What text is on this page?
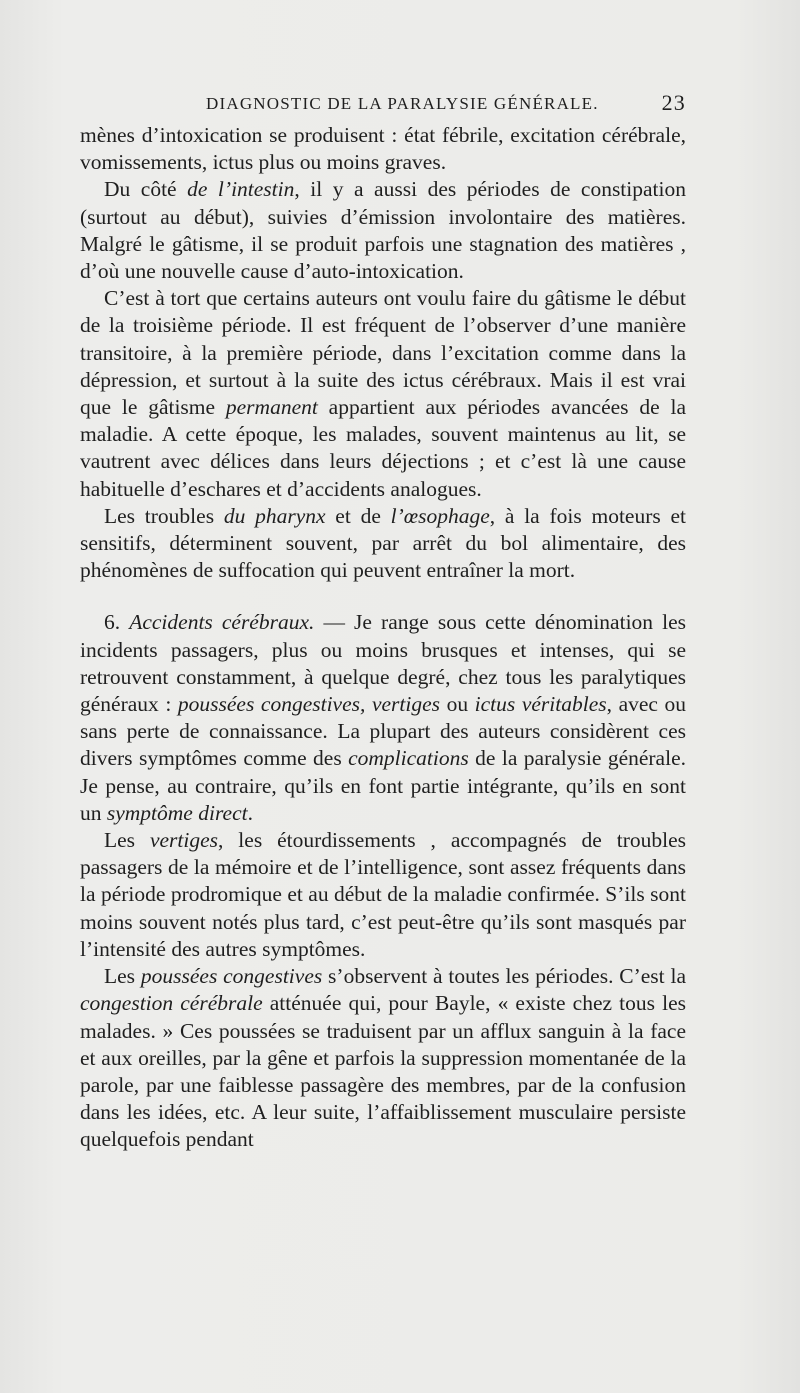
DIAGNOSTIC DE LA PARALYSIE GÉNÉRALE.	23

mènes d’intoxication se produisent : état fébrile, excitation cérébrale, vomissements, ictus plus ou moins graves.

Du côté de l’intestin, il y a aussi des périodes de constipation (surtout au début), suivies d’émission involontaire des matières. Malgré le gâtisme, il se produit parfois une stagnation des matières , d’où une nouvelle cause d’auto-intoxication.

C’est à tort que certains auteurs ont voulu faire du gâtisme le début de la troisième période. Il est fréquent de l’observer d’une manière transitoire, à la première période, dans l’excitation comme dans la dépression, et surtout à la suite des ictus cérébraux. Mais il est vrai que le gâtisme permanent appartient aux périodes avancées de la maladie. A cette époque, les malades, souvent maintenus au lit, se vautrent avec délices dans leurs déjections ; et c’est là une cause habituelle d’eschares et d’accidents analogues.

Les troubles du pharynx et de l’œsophage, à la fois moteurs et sensitifs, déterminent souvent, par arrêt du bol alimentaire, des phénomènes de suffocation qui peuvent entraîner la mort.

6. Accidents cérébraux. — Je range sous cette dénomination les incidents passagers, plus ou moins brusques et intenses, qui se retrouvent constamment, à quelque degré, chez tous les paralytiques généraux : poussées congestives, vertiges ou ictus véritables, avec ou sans perte de connaissance. La plupart des auteurs considèrent ces divers symptômes comme des complications de la paralysie générale. Je pense, au contraire, qu’ils en font partie intégrante, qu’ils en sont un symptôme direct.

Les vertiges, les étourdissements , accompagnés de troubles passagers de la mémoire et de l’intelligence, sont assez fréquents dans la période prodromique et au début de la maladie confirmée. S’ils sont moins souvent notés plus tard, c’est peut-être qu’ils sont masqués par l’intensité des autres symptômes.

Les poussées congestives s’observent à toutes les périodes. C’est la congestion cérébrale atténuée qui, pour Bayle, « existe chez tous les malades. » Ces poussées se traduisent par un afflux sanguin à la face et aux oreilles, par la gêne et parfois la suppression momentanée de la parole, par une faiblesse passagère des membres, par de la confusion dans les idées, etc. A leur suite, l’affaiblissement musculaire persiste quelquefois pendant
